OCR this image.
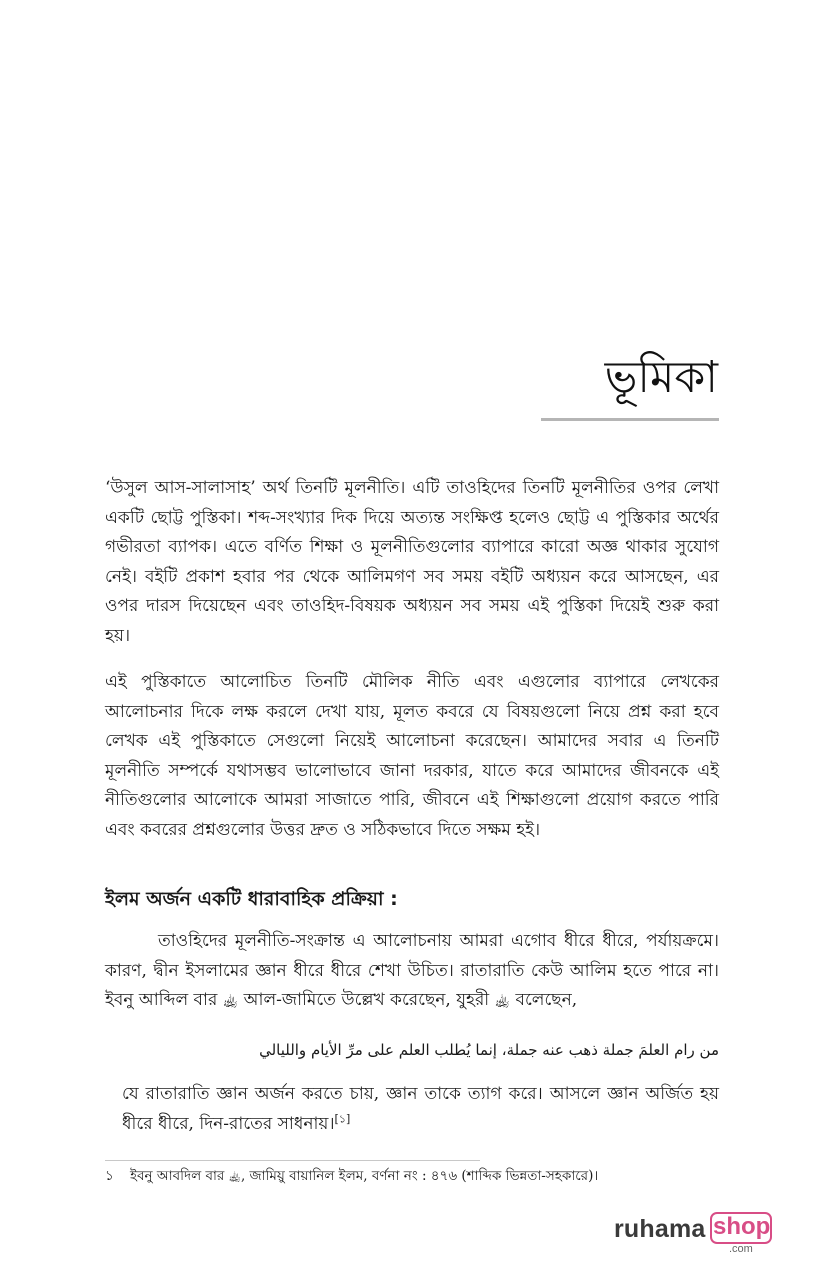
ভূমিকা

‘উসুল আস-সালাসাহ’ অর্থ তিনটি মূলনীতি। এটি তাওহিদের তিনটি মূলনীতির ওপর লেখা একটি ছোট্ট পুস্তিকা। শব্দ-সংখ্যার দিক দিয়ে অত্যন্ত সংক্ষিপ্ত হলেও ছোট্ট এ পুস্তিকার অর্থের গভীরতা ব্যাপক। এতে বর্ণিত শিক্ষা ও মূলনীতিগুলোর ব্যাপারে কারো অজ্ঞ থাকার সুযোগ নেই। বইটি প্রকাশ হবার পর থেকে আলিমগণ সব সময় বইটি অধ্যয়ন করে আসছেন, এর ওপর দারস দিয়েছেন এবং তাওহিদ-বিষয়ক অধ্যয়ন সব সময় এই পুস্তিকা দিয়েই শুরু করা হয়।

এই পুস্তিকাতে আলোচিত তিনটি মৌলিক নীতি এবং এগুলোর ব্যাপারে লেখকের আলোচনার দিকে লক্ষ করলে দেখা যায়, মূলত কবরে যে বিষয়গুলো নিয়ে প্রশ্ন করা হবে লেখক এই পুস্তিকাতে সেগুলো নিয়েই আলোচনা করেছেন। আমাদের সবার এ তিনটি মূলনীতি সম্পর্কে যথাসম্ভব ভালোভাবে জানা দরকার, যাতে করে আমাদের জীবনকে এই নীতিগুলোর আলোকে আমরা সাজাতে পারি, জীবনে এই শিক্ষাগুলো প্রয়োগ করতে পারি এবং কবরের প্রশ্নগুলোর উত্তর দ্রুত ও সঠিকভাবে দিতে সক্ষম হই।

ইলম অর্জন একটি ধারাবাহিক প্রক্রিয়া :

তাওহিদের মূলনীতি-সংক্রান্ত এ আলোচনায় আমরা এগোব ধীরে ধীরে, পর্যায়ক্রমে। কারণ, দ্বীন ইসলামের জ্ঞান ধীরে ধীরে শেখা উচিত। রাতারাতি কেউ আলিম হতে পারে না। ইবনু আব্দিল বার ﵀ আল-জামিতে উল্লেখ করেছেন, যুহরী ﵀ বলেছেন,

من رام العلمَ جملة ذهب عنه جملة، إنما يُطلب العلم على مرِّ الأيام والليالي

যে রাতারাতি জ্ঞান অর্জন করতে চায়, জ্ঞান তাকে ত্যাগ করে। আসলে জ্ঞান অর্জিত হয় ধীরে ধীরে, দিন-রাতের সাধনায়।[১]

১ ইবনু আবদিল বার ﵀, জামিয়ু বায়ানিল ইলম, বর্ণনা নং : ৪৭৬ (শাব্দিক ভিন্নতা-সহকারে)।

ruhama shop
.com
